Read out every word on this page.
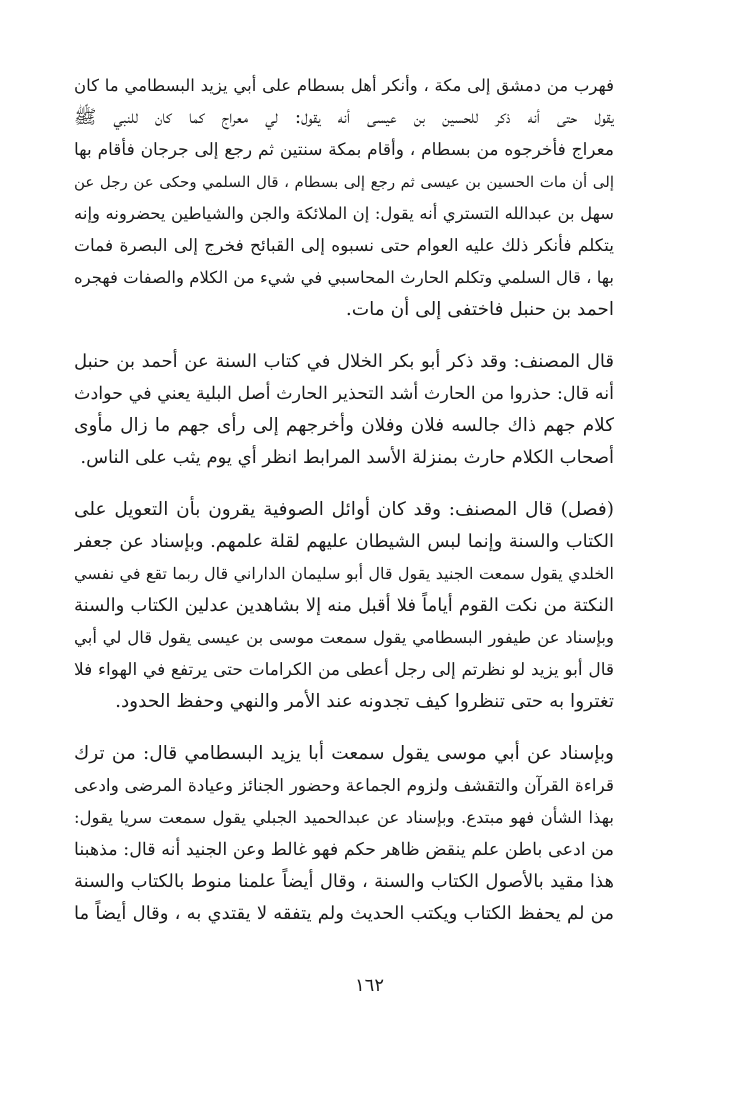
فهرب من دمشق إلى مكة ، وأنكر أهل بسطام على أبي يزيد البسطامي ما كان
يقول حتى أنه ذكر للحسين بن عيسى أنه يقول: لي معراج كما كان للنبي ﷺ
معراج فأخرجوه من بسطام ، وأقام بمكة سنتين ثم رجع إلى جرجان فأقام بها
إلى أن مات الحسين بن عيسى ثم رجع إلى بسطام ، قال السلمي وحكى عن رجل عن
سهل بن عبدالله التستري أنه يقول: إن الملائكة والجن والشياطين يحضرونه وإنه
يتكلم فأنكر ذلك عليه العوام حتى نسبوه إلى القبائح فخرج إلى البصرة فمات
بها ، قال السلمي وتكلم الحارث المحاسبي في شيء من الكلام والصفات فهجره
احمد بن حنبل فاختفى إلى أن مات.
قال المصنف: وقد ذكر أبو بكر الخلال في كتاب السنة عن أحمد بن حنبل
أنه قال: حذروا من الحارث أشد التحذير الحارث أصل البلية يعني في حوادث
كلام جهم ذاك جالسه فلان وفلان وأخرجهم إلى رأى جهم ما زال مأوى
أصحاب الكلام حارث بمنزلة الأسد المرابط انظر أي يوم يثب على الناس.
(فصل) قال المصنف: وقد كان أوائل الصوفية يقرون بأن التعويل على
الكتاب والسنة وإنما لبس الشيطان عليهم لقلة علمهم. وبإسناد عن جعفر
الخلدي يقول سمعت الجنيد يقول قال أبو سليمان الداراني قال ربما تقع في نفسي
النكتة من نكت القوم أياماً فلا أقبل منه إلا بشاهدين عدلين الكتاب والسنة
وبإسناد عن طيفور البسطامي يقول سمعت موسى بن عيسى يقول قال لي أبي
قال أبو يزيد لو نظرتم إلى رجل أعطى من الكرامات حتى يرتفع في الهواء فلا
تغتروا به حتى تنظروا كيف تجدونه عند الأمر والنهي وحفظ الحدود.
وبإسناد عن أبي موسى يقول سمعت أبا يزيد البسطامي قال: من ترك
قراءة القرآن والتقشف ولزوم الجماعة وحضور الجنائز وعيادة المرضى وادعى
بهذا الشأن فهو مبتدع. وبإسناد عن عبدالحميد الجبلي يقول سمعت سريا يقول:
من ادعى باطن علم ينقض ظاهر حكم فهو غالط وعن الجنيد أنه قال: مذهبنا
هذا مقيد بالأصول الكتاب والسنة ، وقال أيضاً علمنا منوط بالكتاب والسنة
من لم يحفظ الكتاب ويكتب الحديث ولم يتفقه لا يقتدي به ، وقال أيضاً ما
١٦٢
